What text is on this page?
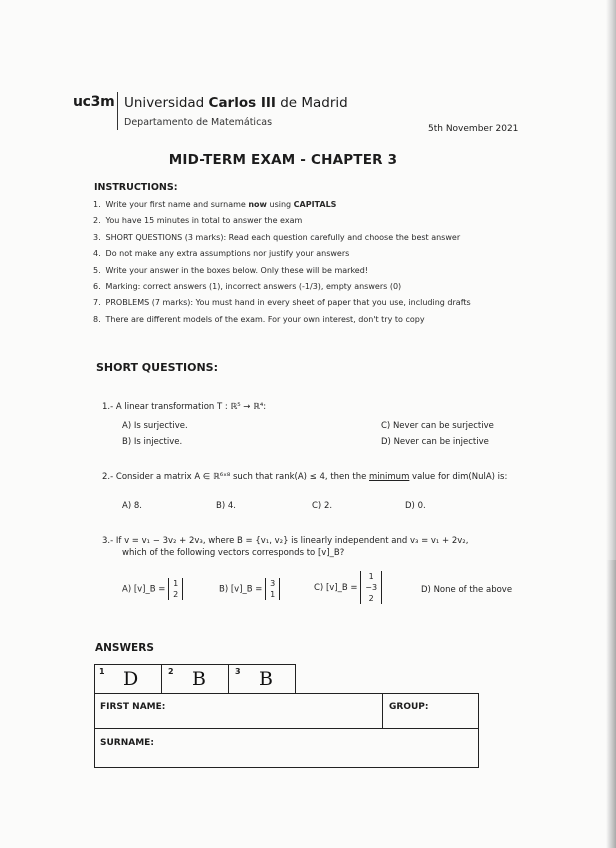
uc3m Universidad Carlos III de Madrid
Departamento de Matemáticas
5th November 2021
MID-TERM EXAM - CHAPTER 3
INSTRUCTIONS:
1. Write your first name and surname now using CAPITALS
2. You have 15 minutes in total to answer the exam
3. SHORT QUESTIONS (3 marks): Read each question carefully and choose the best answer
4. Do not make any extra assumptions nor justify your answers
5. Write your answer in the boxes below. Only these will be marked!
6. Marking: correct answers (1), incorrect answers (-1/3), empty answers (0)
7. PROBLEMS (7 marks): You must hand in every sheet of paper that you use, including drafts
8. There are different models of the exam. For your own interest, don't try to copy
SHORT QUESTIONS:
1.- A linear transformation T : ℝ⁵ → ℝ⁴:
A) Is surjective.
B) Is injective.
C) Never can be surjective
D) Never can be injective
2.- Consider a matrix A ∈ ℝ⁶ˣ⁸ such that rank(A) ≤ 4, then the minimum value for dim(NulA) is:
A) 8.	B) 4.	C) 2.	D) 0.
3.- If v = v₁ − 3v₂ + 2v₃, where B = {v₁, v₂} is linearly independent and v₃ = v₁ + 2v₂,
which of the following vectors corresponds to [v]_B?
A) [v]_B = 1
2	B) [v]_B = 3
1
C) [v]_B = 1
−3
2
D) None of the above
ANSWERS
1 D	2 B	3 B
FIRST NAME:	GROUP:
SURNAME:
